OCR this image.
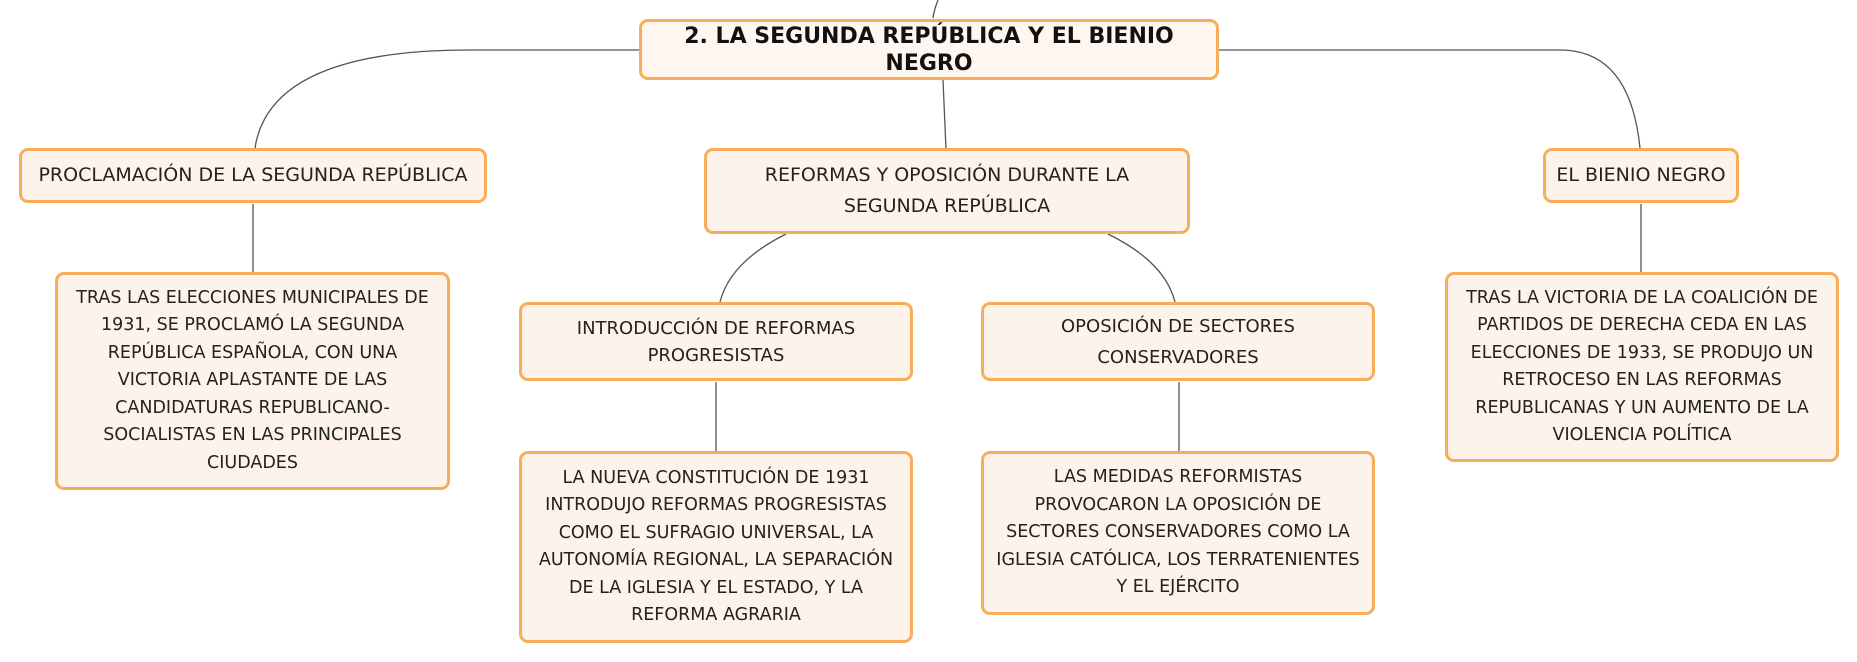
2. LA SEGUNDA REPÚBLICA Y EL BIENIO NEGRO
PROCLAMACIÓN DE LA SEGUNDA REPÚBLICA	REFORMAS Y OPOSICIÓN DURANTE LA SEGUNDA REPÚBLICA
EL BIENIO NEGRO
TRAS LAS ELECCIONES MUNICIPALES DE 1931, SE PROCLAMÓ LA SEGUNDA REPÚBLICA ESPAÑOLA, CON UNA VICTORIA APLASTANTE DE LAS CANDIDATURAS REPUBLICANO-SOCIALISTAS EN LAS PRINCIPALES CIUDADES
INTRODUCCIÓN DE REFORMAS PROGRESISTAS
OPOSICIÓN DE SECTORES CONSERVADORES
LA NUEVA CONSTITUCIÓN DE 1931 INTRODUJO REFORMAS PROGRESISTAS COMO EL SUFRAGIO UNIVERSAL, LA AUTONOMÍA REGIONAL, LA SEPARACIÓN DE LA IGLESIA Y EL ESTADO, Y LA REFORMA AGRARIA
LAS MEDIDAS REFORMISTAS PROVOCARON LA OPOSICIÓN DE SECTORES CONSERVADORES COMO LA IGLESIA CATÓLICA, LOS TERRATENIENTES Y EL EJÉRCITO
TRAS LA VICTORIA DE LA COALICIÓN DE PARTIDOS DE DERECHA CEDA EN LAS ELECCIONES DE 1933, SE PRODUJO UN RETROCESO EN LAS REFORMAS REPUBLICANAS Y UN AUMENTO DE LA VIOLENCIA POLÍTICA
